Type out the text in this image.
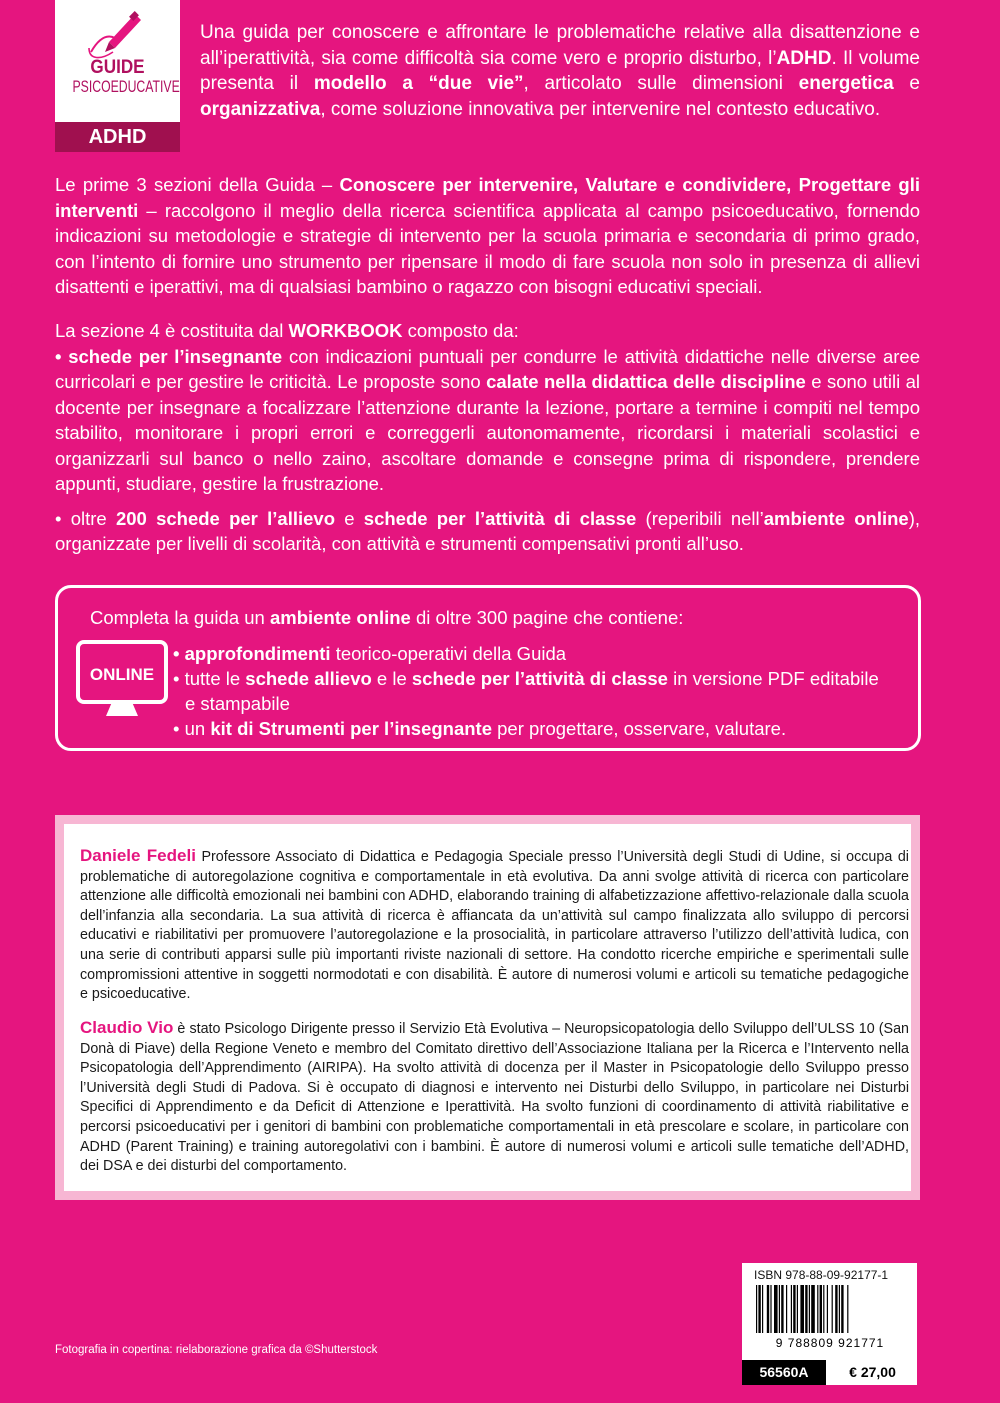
GUIDE
PSICOEDUCATIVE
ADHD
Una guida per conoscere e affrontare le problematiche relative alla disattenzione e all’iperattività, sia come difficoltà sia come vero e proprio disturbo, l’ADHD. Il volume presenta il modello a “due vie”, articolato sulle dimensioni energetica e organizzativa, come soluzione innovativa per intervenire nel contesto educativo.
Le prime 3 sezioni della Guida – Conoscere per intervenire, Valutare e condividere, Progettare gli interventi – raccolgono il meglio della ricerca scientifica applicata al campo psicoeducativo, fornendo indicazioni su metodologie e strategie di intervento per la scuola primaria e secondaria di primo grado, con l’intento di fornire uno strumento per ripensare il modo di fare scuola non solo in presenza di allievi disattenti e iperattivi, ma di qualsiasi bambino o ragazzo con bisogni educativi speciali.
La sezione 4 è costituita dal WORKBOOK composto da:
• schede per l’insegnante con indicazioni puntuali per condurre le attività didattiche nelle diverse aree curricolari e per gestire le criticità. Le proposte sono calate nella didattica delle discipline e sono utili al docente per insegnare a focalizzare l’attenzione durante la lezione, portare a termine i compiti nel tempo stabilito, monitorare i propri errori e correggerli autonomamente, ricordarsi i materiali scolastici e organizzarli sul banco o nello zaino, ascoltare domande e consegne prima di rispondere, prendere appunti, studiare, gestire la frustrazione.
• oltre 200 schede per l’allievo e schede per l’attività di classe (reperibili nell’ambiente online), organizzate per livelli di scolarità, con attività e strumenti compensativi pronti all’uso.
Completa la guida un ambiente online di oltre 300 pagine che contiene:
ONLINE
• approfondimenti teorico-operativi della Guida
• tutte le schede allievo e le schede per l’attività di classe in versione PDF editabile e stampabile
• un kit di Strumenti per l’insegnante per progettare, osservare, valutare.
Daniele Fedeli Professore Associato di Didattica e Pedagogia Speciale presso l’Università degli Studi di Udine, si occupa di problematiche di autoregolazione cognitiva e comportamentale in età evolutiva. Da anni svolge attività di ricerca con particolare attenzione alle difficoltà emozionali nei bambini con ADHD, elaborando training di alfabetizzazione affettivo-relazionale dalla scuola dell’infanzia alla secondaria. La sua attività di ricerca è affiancata da un’attività sul campo finalizzata allo sviluppo di percorsi educativi e riabilitativi per promuovere l’autoregolazione e la prosocialità, in particolare attraverso l’utilizzo dell’attività ludica, con una serie di contributi apparsi sulle più importanti riviste nazionali di settore. Ha condotto ricerche empiriche e sperimentali sulle compromissioni attentive in soggetti normodotati e con disabilità. È autore di numerosi volumi e articoli su tematiche pedagogiche e psicoeducative.
Claudio Vio è stato Psicologo Dirigente presso il Servizio Età Evolutiva – Neuropsicopatologia dello Sviluppo dell’ULSS 10 (San Donà di Piave) della Regione Veneto e membro del Comitato direttivo dell’Associazione Italiana per la Ricerca e l’Intervento nella Psicopatologia dell’Apprendimento (AIRIPA). Ha svolto attività di docenza per il Master in Psicopatologie dello Sviluppo presso l’Università degli Studi di Padova. Si è occupato di diagnosi e intervento nei Disturbi dello Sviluppo, in particolare nei Disturbi Specifici di Apprendimento e da Deficit di Attenzione e Iperattività. Ha svolto funzioni di coordinamento di attività riabilitative e percorsi psicoeducativi per i genitori di bambini con problematiche comportamentali in età prescolare e scolare, in particolare con ADHD (Parent Training) e training autoregolativi con i bambini. È autore di numerosi volumi e articoli sulle tematiche dell’ADHD, dei DSA e dei disturbi del comportamento.
ISBN 978-88-09-92177-1
9 788809 921771
56560A	€ 27,00
Fotografia in copertina: rielaborazione grafica da ©Shutterstock
